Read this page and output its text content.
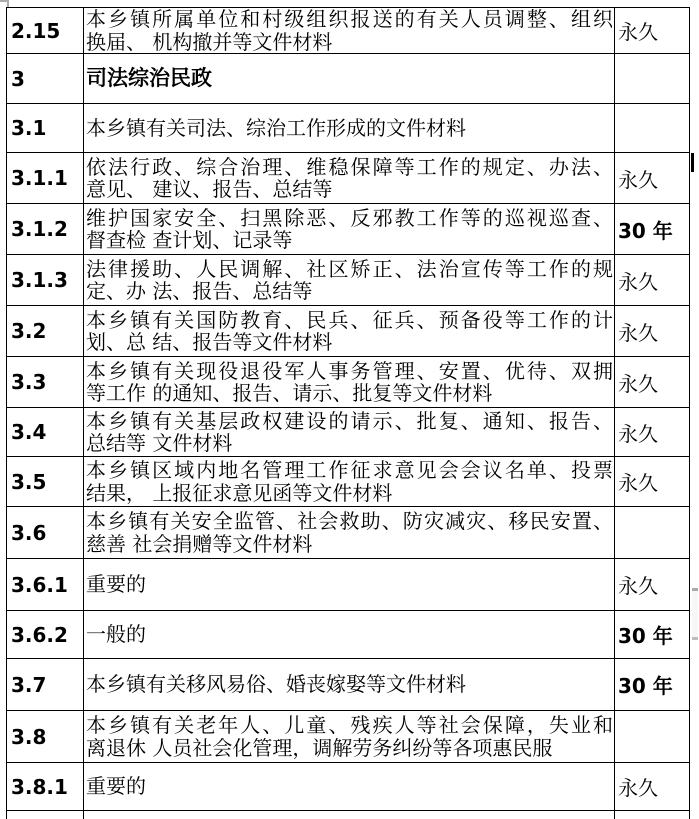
2.15	本乡镇所属单位和村级组织报送的有关人员调整、组织
换届、 机构撤并等文件材料	永久
3	司法综治民政
3.1	本乡镇有关司法、综治工作形成的文件材料
3.1.1 依法行政、综合治理、维稳保障等工作的规定、办法、
意见、 建议、报告、总结等	永久
3.1.2 维护国家安全、扫黑除恶、反邪教工作等的巡视巡查、
督查检 查计划、记录等	30 年
3.1.3 法律援助、人民调解、社区矫正、法治宣传等工作的规
定、办 法、报告、总结等	永久
3.2	本乡镇有关国防教育、民兵、征兵、预备役等工作的计
划、总 结、报告等文件材料	永久
3.3	本乡镇有关现役退役军人事务管理、安置、优待、双拥
等工作 的通知、报告、请示、批复等文件材料	永久
3.4	本乡镇有关基层政权建设的请示、批复、通知、报告、
总结等 文件材料	永久
3.5	本乡镇区域内地名管理工作征求意见会会议名单、投票
结果， 上报征求意见函等文件材料	永久
3.6	本乡镇有关安全监管、社会救助、防灾减灾、移民安置、
慈善 社会捐赠等文件材料
3.6.1 重要的	永久
3.6.2 一般的	30 年
3.7	本乡镇有关移风易俗、婚丧嫁娶等文件材料	30 年
3.8	本乡镇有关老年人、儿童、残疾人等社会保障，失业和
离退休 人员社会化管理，调解劳务纠纷等各项惠民服
3.8.1 重要的	永久
